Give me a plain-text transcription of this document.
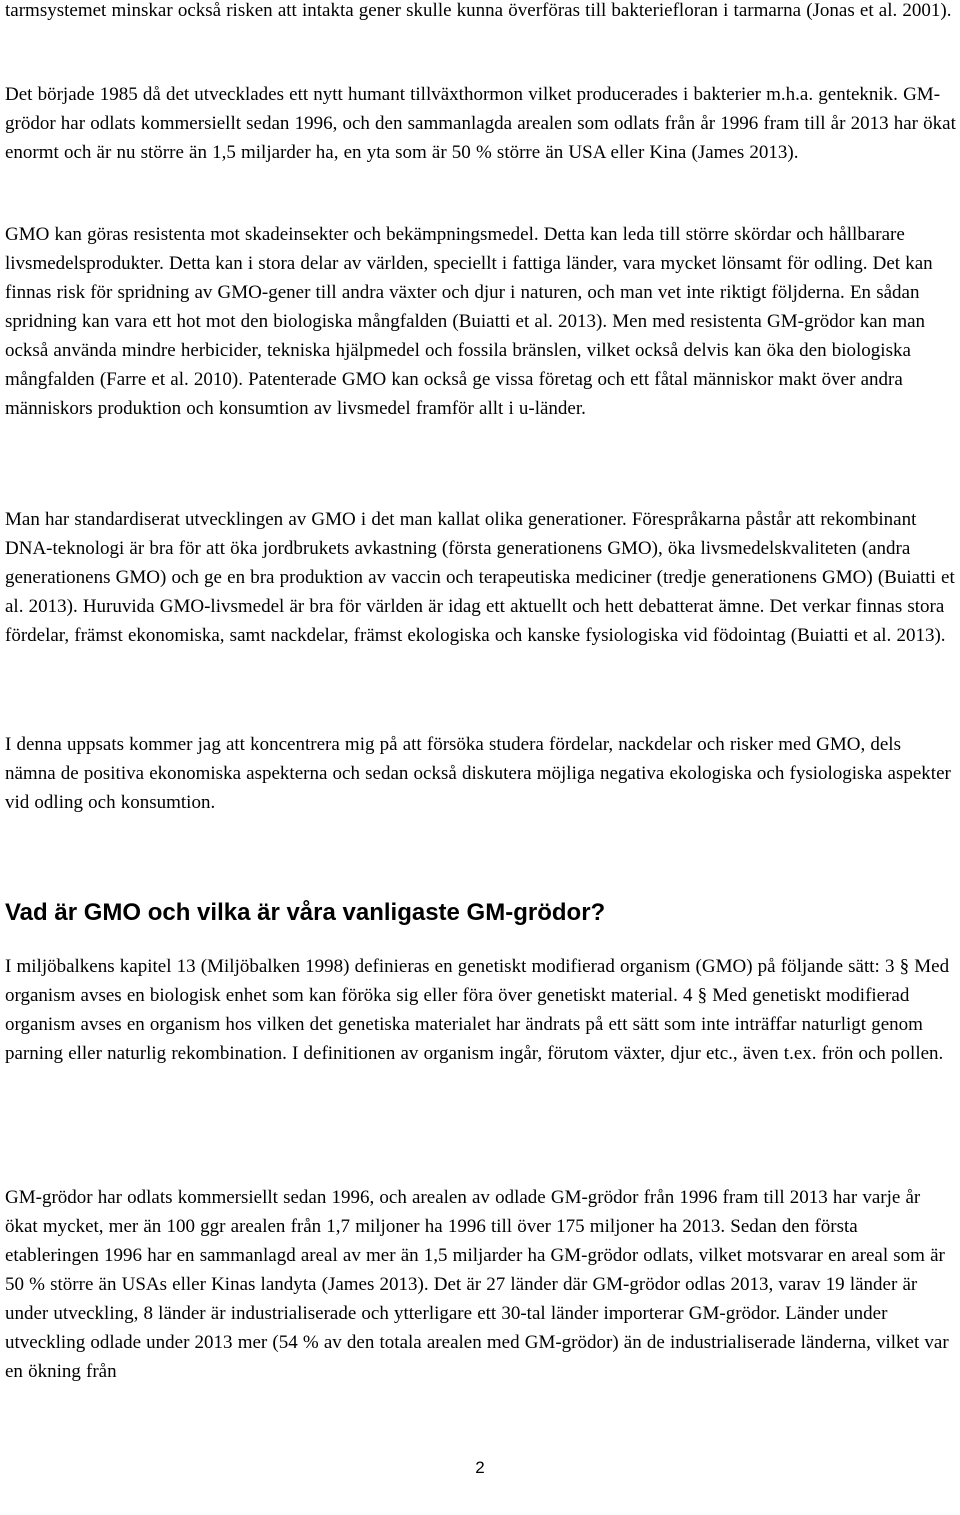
tarmsystemet minskar också risken att intakta gener skulle kunna överföras till bakteriefloran i tarmarna (Jonas et al. 2001).

Det började 1985 då det utvecklades ett nytt humant tillväxthormon vilket producerades i bakterier m.h.a. genteknik. GM-grödor har odlats kommersiellt sedan 1996, och den sammanlagda arealen som odlats från år 1996 fram till år 2013 har ökat enormt och är nu större än 1,5 miljarder ha, en yta som är 50 % större än USA eller Kina (James 2013).

GMO kan göras resistenta mot skadeinsekter och bekämpningsmedel. Detta kan leda till större skördar och hållbarare livsmedelsprodukter. Detta kan i stora delar av världen, speciellt i fattiga länder, vara mycket lönsamt för odling. Det kan finnas risk för spridning av GMO-gener till andra växter och djur i naturen, och man vet inte riktigt följderna. En sådan spridning kan vara ett hot mot den biologiska mångfalden (Buiatti et al. 2013). Men med resistenta GM-grödor kan man också använda mindre herbicider, tekniska hjälpmedel och fossila bränslen, vilket också delvis kan öka den biologiska mångfalden (Farre et al. 2010). Patenterade GMO kan också ge vissa företag och ett fåtal människor makt över andra människors produktion och konsumtion av livsmedel framför allt i u-länder.

Man har standardiserat utvecklingen av GMO i det man kallat olika generationer. Förespråkarna påstår att rekombinant DNA-teknologi är bra för att öka jordbrukets avkastning (första generationens GMO), öka livsmedelskvaliteten (andra generationens GMO) och ge en bra produktion av vaccin och terapeutiska mediciner (tredje generationens GMO) (Buiatti et al. 2013). Huruvida GMO-livsmedel är bra för världen är idag ett aktuellt och hett debatterat ämne. Det verkar finnas stora fördelar, främst ekonomiska, samt nackdelar, främst ekologiska och kanske fysiologiska vid födointag (Buiatti et al. 2013).

I denna uppsats kommer jag att koncentrera mig på att försöka studera fördelar, nackdelar och risker med GMO, dels nämna de positiva ekonomiska aspekterna och sedan också diskutera möjliga negativa ekologiska och fysiologiska aspekter vid odling och konsumtion.

Vad är GMO och vilka är våra vanligaste GM-grödor?

I miljöbalkens kapitel 13 (Miljöbalken 1998) definieras en genetiskt modifierad organism (GMO) på följande sätt: 3 § Med organism avses en biologisk enhet som kan föröka sig eller föra över genetiskt material. 4 § Med genetiskt modifierad organism avses en organism hos vilken det genetiska materialet har ändrats på ett sätt som inte inträffar naturligt genom parning eller naturlig rekombination. I definitionen av organism ingår, förutom växter, djur etc., även t.ex. frön och pollen.

GM-grödor har odlats kommersiellt sedan 1996, och arealen av odlade GM-grödor från 1996 fram till 2013 har varje år ökat mycket, mer än 100 ggr arealen från 1,7 miljoner ha 1996 till över 175 miljoner ha 2013. Sedan den första etableringen 1996 har en sammanlagd areal av mer än 1,5 miljarder ha GM-grödor odlats, vilket motsvarar en areal som är 50 % större än USAs eller Kinas landyta (James 2013). Det är 27 länder där GM-grödor odlas 2013, varav 19 länder är under utveckling, 8 länder är industrialiserade och ytterligare ett 30-tal länder importerar GM-grödor. Länder under utveckling odlade under 2013 mer (54 % av den totala arealen med GM-grödor) än de industrialiserade länderna, vilket var en ökning från

2
